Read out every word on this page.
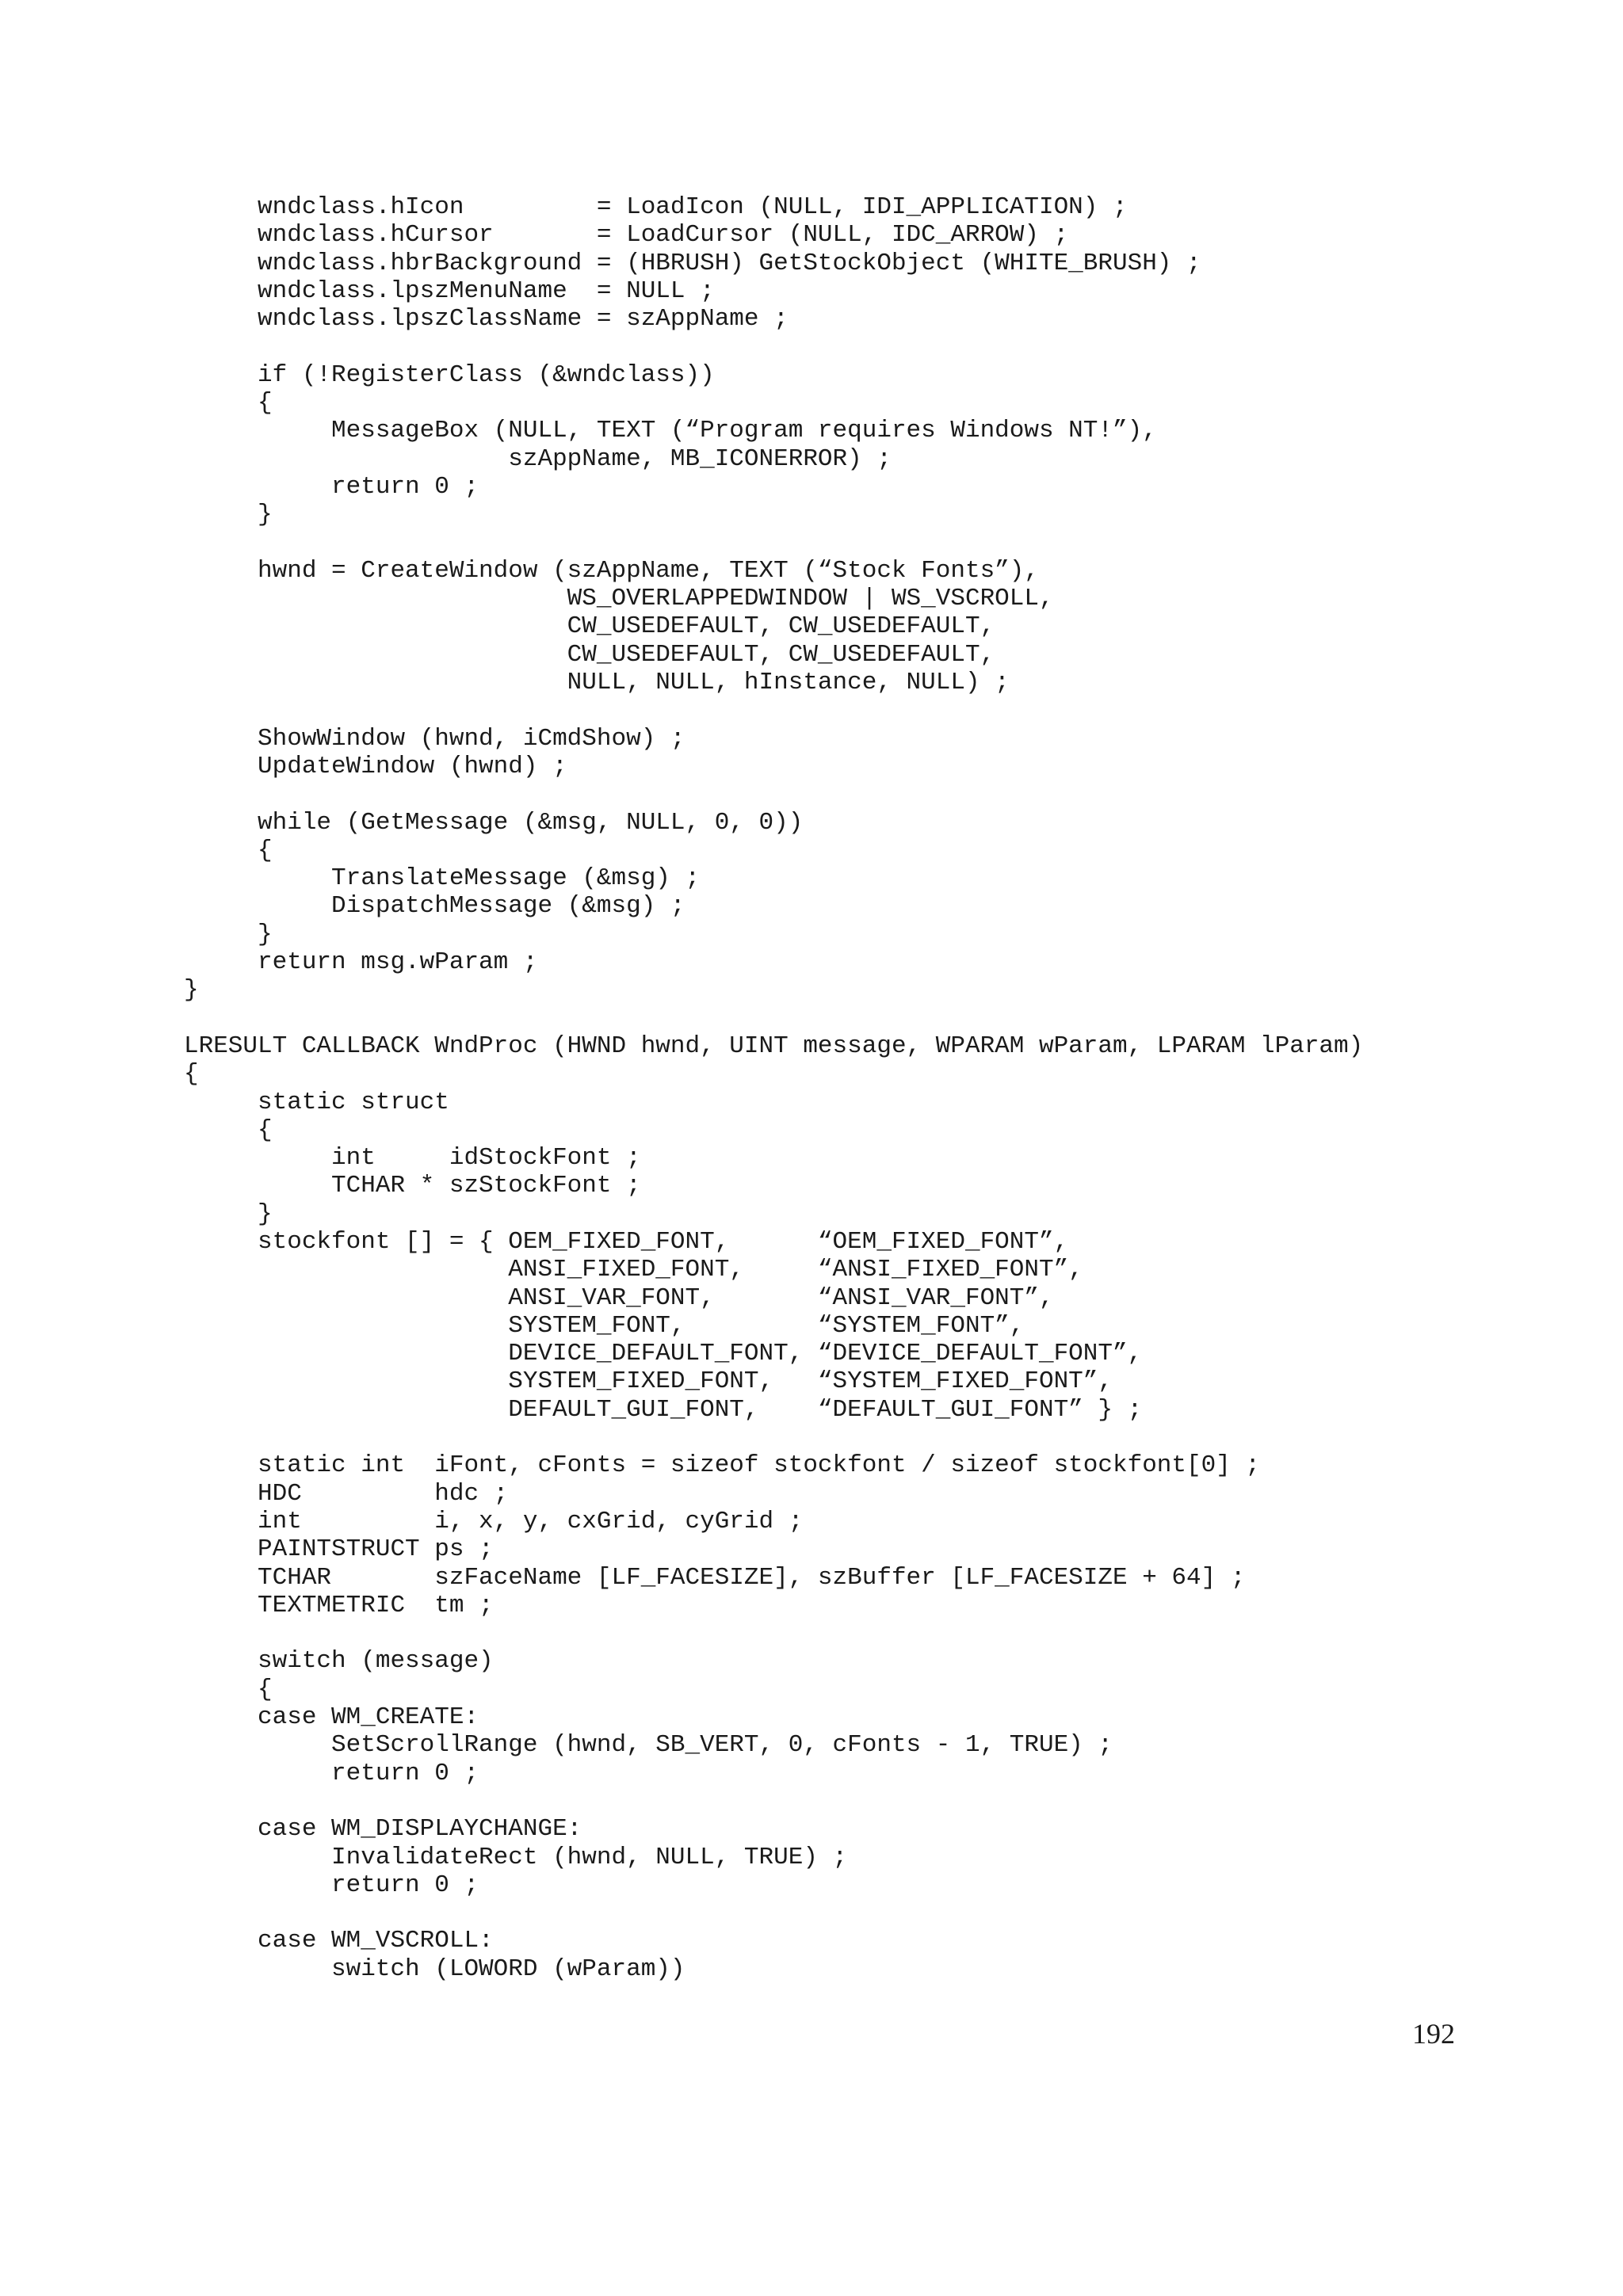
wndclass.hIcon         = LoadIcon (NULL, IDI_APPLICATION) ;
wndclass.hCursor       = LoadCursor (NULL, IDC_ARROW) ;
wndclass.hbrBackground = (HBRUSH) GetStockObject (WHITE_BRUSH) ;
wndclass.lpszMenuName  = NULL ;
wndclass.lpszClassName = szAppName ;

if (!RegisterClass (&wndclass))
{
MessageBox (NULL, TEXT (“Program requires Windows NT!”),
szAppName, MB_ICONERROR) ;
return 0 ;
}

hwnd = CreateWindow (szAppName, TEXT (“Stock Fonts”),
WS_OVERLAPPEDWINDOW | WS_VSCROLL,
CW_USEDEFAULT, CW_USEDEFAULT,
CW_USEDEFAULT, CW_USEDEFAULT,
NULL, NULL, hInstance, NULL) ;

ShowWindow (hwnd, iCmdShow) ;
UpdateWindow (hwnd) ;

while (GetMessage (&msg, NULL, 0, 0))
{
TranslateMessage (&msg) ;
DispatchMessage (&msg) ;
}
return msg.wParam ;
}

LRESULT CALLBACK WndProc (HWND hwnd, UINT message, WPARAM wParam, LPARAM lParam)
{
static struct
{
int     idStockFont ;
TCHAR * szStockFont ;
}
stockfont [] = { OEM_FIXED_FONT,      “OEM_FIXED_FONT”,
ANSI_FIXED_FONT,     “ANSI_FIXED_FONT”,
ANSI_VAR_FONT,       “ANSI_VAR_FONT”,
SYSTEM_FONT,         “SYSTEM_FONT”,
DEVICE_DEFAULT_FONT, “DEVICE_DEFAULT_FONT”,
SYSTEM_FIXED_FONT,   “SYSTEM_FIXED_FONT”,
DEFAULT_GUI_FONT,    “DEFAULT_GUI_FONT” } ;

static int  iFont, cFonts = sizeof stockfont / sizeof stockfont[0] ;
HDC         hdc ;
int         i, x, y, cxGrid, cyGrid ;
PAINTSTRUCT ps ;
TCHAR       szFaceName [LF_FACESIZE], szBuffer [LF_FACESIZE + 64] ;
TEXTMETRIC  tm ;

switch (message)
{
case WM_CREATE:
SetScrollRange (hwnd, SB_VERT, 0, cFonts - 1, TRUE) ;
return 0 ;

case WM_DISPLAYCHANGE:
InvalidateRect (hwnd, NULL, TRUE) ;
return 0 ;

case WM_VSCROLL:
switch (LOWORD (wParam))
192
